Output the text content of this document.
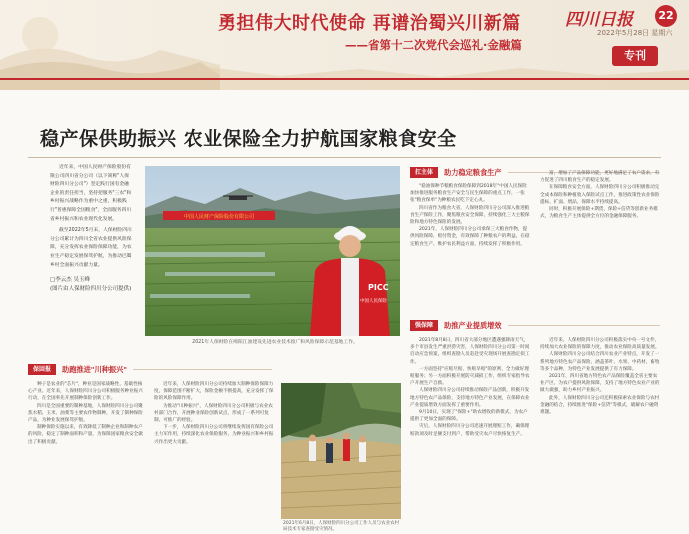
勇担伟大时代使命 再谱治蜀兴川新篇
——省第十二次党代会巡礼·金融篇
四川日报	22
2022年5月28日 星期六
专刊
稳产保供助振兴 农业保险全力护航国家粮食安全

近年来，中国人民财产保险股份有限公司四川省分公司（以下简称"人保财险四川分公司"）坚定践行国有金融企业的责任担当，坚持把服务"三农"和乡村振兴战略作为重中之重，积极践行"普惠保障全国粮食"，全面服务四川省乡村振兴和农业现代化发展。

截至2022年5月末，人保财险四川分公司累计为四川全省农业提供风险保障，充分发挥农业保险保障功能，为农业生产稳定发展保驾护航，为推动巴蜀乡村全面振兴贡献力量。

□李云杰 吴玉峰
(图片由人保财险四川分公司提供)
中国人民财产保险股份有限公司
PICC
中国人民保险
2021年人保财险在绵阳江油建设先进农业技术推广和风险保障示范基地工作。
扛主体	助力稳定粮食生产

"稳油保种节粮粮食保险保障到2018年"中国人民保险加快推进服务粮食生产安全与民生保障的重点工作，一张张"粮食保单"为种粮农民吃下定心丸。

四川省作为粮食大省，人保财险四川分公司深入推进粮食生产保险工作，聚焦粮食安全保障，持续强化三大主粮保险和地方特色保险的发展。

2021年，人保财险四川分公司承保三大粮食作物，提供风险保障，赔付资金，有效保障了种粮农户的利益。在稳定粮食生产、维护农民利益方面，持续发挥了积极作用。

富，增加了产品保障功能，更好地满足了农户需求，有力促进了四川粮食生产的稳定发展。

在保障粮食安全方面，人保财险四川分公司积极推动完全成本保险和种植收入保险试点工作，推进政策性农业保险提标、扩面、增品，保障水平持续提高。

同时，积极开展保险+期货、保险+信贷等创新业务模式，为粮食生产主体提供全方位的金融保障服务。

强保障	助推产业提质增效

2021年8月8日，四川省大部分地区遭遇强降雨天气，多个市县发生严重洪涝灾害，人保财险四川分公司第一时间启动应急预案，组织查勘人员赶赴受灾现场开展查勘定损工作。

一方面坚持"应赔尽赔、快赔早赔"的原则，全力做好理赔服务；另一方面积极开展防灾减损工作，组织专家指导农户开展生产自救。

人保财险四川分公司持续推动保险产品创新，积极开发地方特色农产品保险，支持地方特色产业发展，在保障农业产业提质增效方面发挥了重要作用。

9月10日，实现了"保险+"助农增收的新模式，为农户提供了更加全面的保障。

灾后，人保财险四川分公司迅速开展理赔工作，确保理赔款项及时足额支付到户，帮助受灾农户尽快恢复生产。

近年来，人保财险四川分公司积极落实中央一号文件，持续加大农业保险的保障力度，推动农业保险高质量发展。

人保财险四川分公司结合四川农业产业特点，开发了一系列地方特色农产品保险，涵盖茶叶、水果、中药材、畜牧等多个品种，为特色产业发展提供了有力保障。

2021年，四川省地方特色农产品保险覆盖全省主要农业产区，为农户提供风险保障，支持了地方特色农业产业的做大做强，助力乡村产业振兴。

此外，人保财险四川分公司还积极探索农业保险与农村金融的结合，持续推进"保险+信贷"等模式，破解农户融资难题。

保回报	助跑推进"川种振兴"

种子是农业的"芯片"，种业是国家战略性、基础性核心产业。近年来，人保财险四川分公司积极服务种业振兴行动，在全国率先开展制种保险创新工作。

四川是全国重要的制种基地，人保财险四川分公司聚焦水稻、玉米、油菜等主要农作物制种，开发了制种保险产品，为种业发展保驾护航。

制种保险实施以来，有效降低了制种企业和制种农户的风险，稳定了制种面积和产量，为保障国家粮食安全做出了积极贡献。

近年来，人保财险四川分公司持续加大制种保险保障力度，保障范围不断扩大，保险金额不断提高，充分发挥了保险的风险保障作用。

为推动"川种振兴"，人保财险四川分公司积极与农业农村部门合作，开展种业保险创新试点，形成了一系列可复制、可推广的经验。

下一步，人保财险四川分公司将继续发挥国有保险公司主力军作用，持续深化农业保险服务，为种业振兴和乡村振兴作出更大贡献。

2021年6月8日，人保财险四川分公司工作人员与农业农村局技术专家查勘受灾情况。
